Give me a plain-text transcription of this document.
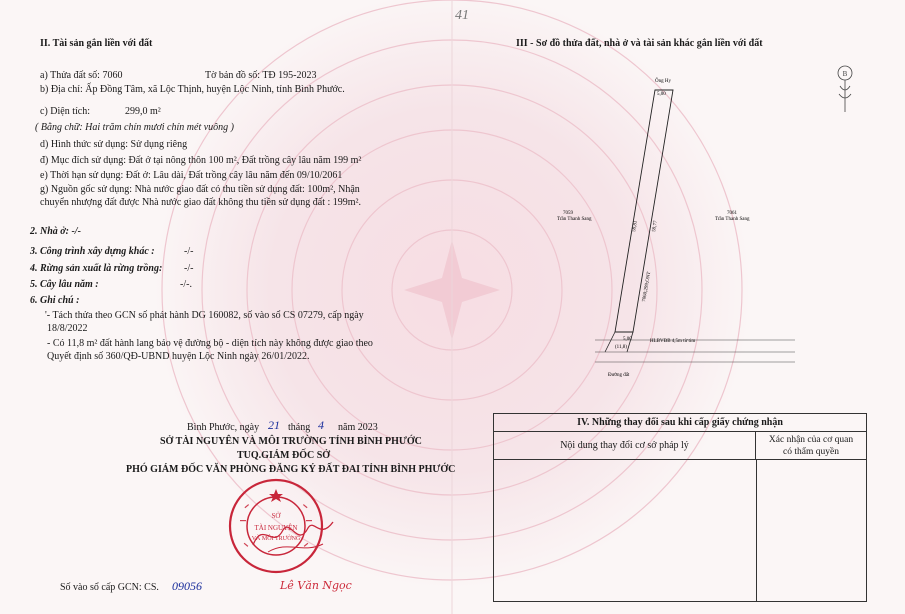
41
II. Tài sản gắn liền với đất
a) Thửa đất số: 7060	Tờ bản đồ số: TĐ 195-2023
b) Địa chỉ: Ấp Đồng Tâm, xã Lộc Thịnh, huyện Lộc Ninh, tỉnh Bình Phước.
c) Diện tích:	299,0 m²
( Bằng chữ: Hai trăm chín mươi chín mét vuông )
d) Hình thức sử dụng: Sử dụng riêng
đ) Mục đích sử dụng: Đất ở tại nông thôn 100 m², Đất trồng cây lâu năm 199 m²
e) Thời hạn sử dụng: Đất ở: Lâu dài, Đất trồng cây lâu năm đến 09/10/2061
g) Nguồn gốc sử dụng: Nhà nước giao đất có thu tiền sử dụng đất: 100m², Nhận
chuyển nhượng đất được Nhà nước giao đất không thu tiền sử dụng đất : 199m².
2. Nhà ở: -/-
3. Công trình xây dựng khác :	-/-
4. Rừng sản xuất là rừng trồng: -/-
5. Cây lâu năm :	-/-.
6. Ghi chú :
'- Tách thửa theo GCN số phát hành DG 160082, số vào sổ CS 07279, cấp ngày
18/8/2022
- Có 11,8 m² đất hành lang bảo vệ đường bộ - diện tích này không được giao theo
Quyết định số 360/QĐ-UBND huyện Lộc Ninh ngày 26/01/2022.
Bình Phước, ngày 21 tháng 4 năm 2023
SỞ TÀI NGUYÊN VÀ MÔI TRƯỜNG TỈNH BÌNH PHƯỚC
TUQ.GIÁM ĐỐC SỞ
PHÓ GIÁM ĐỐC VĂN PHÒNG ĐĂNG KÝ ĐẤT ĐAI TỈNH BÌNH PHƯỚC
SỞ
TÀI NGUYÊN
VÀ MÔI TRƯỜNG
Lê Văn Ngọc
Số vào sổ cấp GCN: CS. 09056
III - Sơ đồ thửa đất, nhà ở và tài sản khác gắn liền với đất
B
Ông Hy
5,00
7059
Trần Thanh Sang
7061
Trần Thanh Sang
59,81	59,77
7060;299;ONT
5,00	HLBVĐB 4,5m từ tim
(11,8)
Đường đất
IV. Những thay đổi sau khi cấp giấy chứng nhận
Nội dung thay đổi cơ sở pháp lý	Xác nhận của cơ quan
có thẩm quyền
